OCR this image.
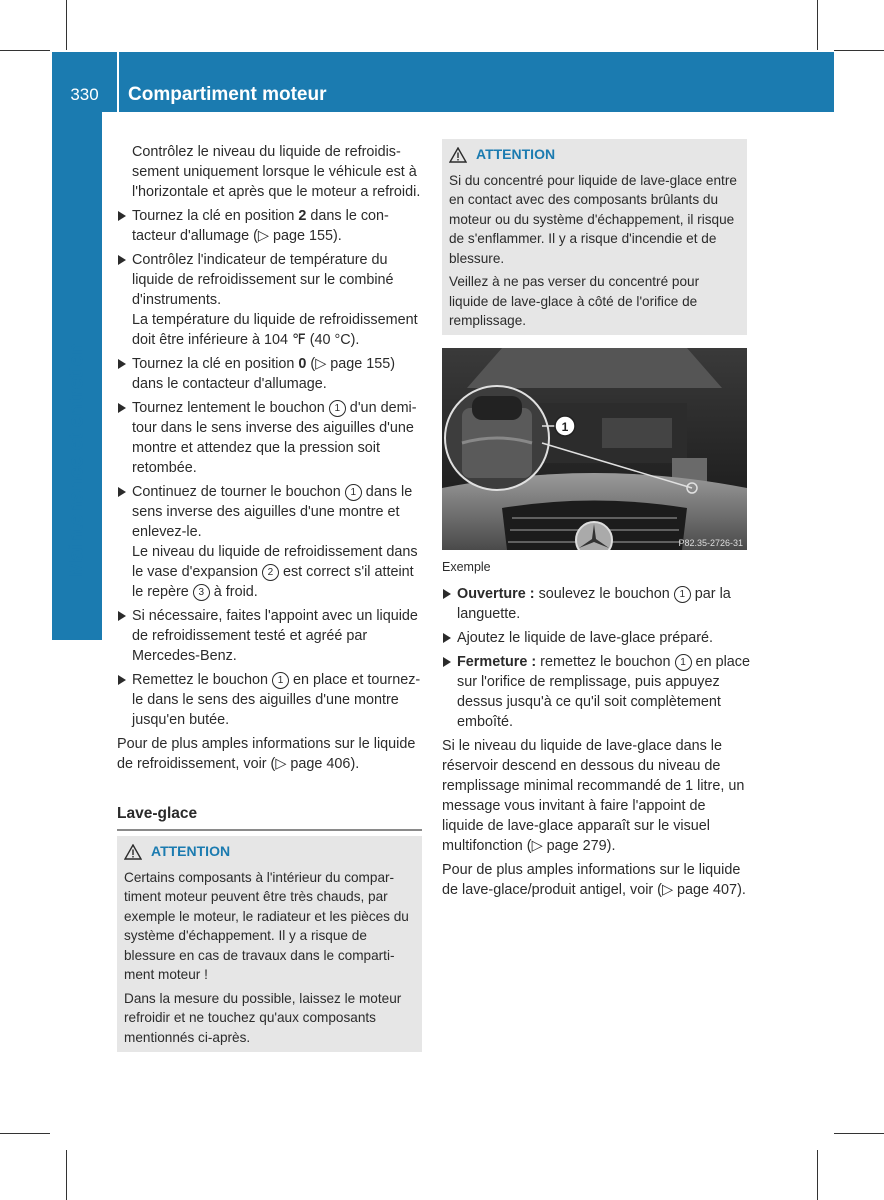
330	Compartiment moteur
Maintenance et entretien

Contrôlez le niveau du liquide de refroidissement uniquement lorsque le véhicule est à l'horizontale et après que le moteur a refroidi.

Tournez la clé en position 2 dans le contacteur d'allumage (▷ page 155).
Contrôlez l'indicateur de température du liquide de refroidissement sur le combiné d'instruments.

La température du liquide de refroidissement doit être inférieure à 104 ℉ (40 °C).

Tournez la clé en position 0 (▷ page 155) dans le contacteur d'allumage.
Tournez lentement le bouchon 1 d'un demi-tour dans le sens inverse des aiguilles d'une montre et attendez que la pression soit retombée.
Continuez de tourner le bouchon 1 dans le sens inverse des aiguilles d'une montre et enlevez-le.

Le niveau du liquide de refroidissement dans le vase d'expansion 2 est correct s'il atteint le repère 3 à froid.

Si nécessaire, faites l'appoint avec un liquide de refroidissement testé et agréé par Mercedes-Benz.
Remettez le bouchon 1 en place et tournez-le dans le sens des aiguilles d'une montre jusqu'en butée.

Pour de plus amples informations sur le liquide de refroidissement, voir (▷ page 406).

Lave-glace
ATTENTION

Certains composants à l'intérieur du compartiment moteur peuvent être très chauds, par exemple le moteur, le radiateur et les pièces du système d'échappement. Il y a risque de blessure en cas de travaux dans le compartiment moteur !

Dans la mesure du possible, laissez le moteur refroidir et ne touchez qu'aux composants mentionnés ci-après.

ATTENTION

Si du concentré pour liquide de lave-glace entre en contact avec des composants brûlants du moteur ou du système d'échappement, il risque de s'enflammer. Il y a risque d'incendie et de blessure.

Veillez à ne pas verser du concentré pour liquide de lave-glace à côté de l'orifice de remplissage.

1
P82.35-2726-31
Exemple
Ouverture : soulevez le bouchon 1 par la languette.
Ajoutez le liquide de lave-glace préparé.
Fermeture : remettez le bouchon 1 en place sur l'orifice de remplissage, puis appuyez dessus jusqu'à ce qu'il soit complètement emboîté.

Si le niveau du liquide de lave-glace dans le réservoir descend en dessous du niveau de remplissage minimal recommandé de 1 litre, un message vous invitant à faire l'appoint de liquide de lave-glace apparaît sur le visuel multifonction (▷ page 279).

Pour de plus amples informations sur le liquide de lave-glace/produit antigel, voir (▷ page 407).
